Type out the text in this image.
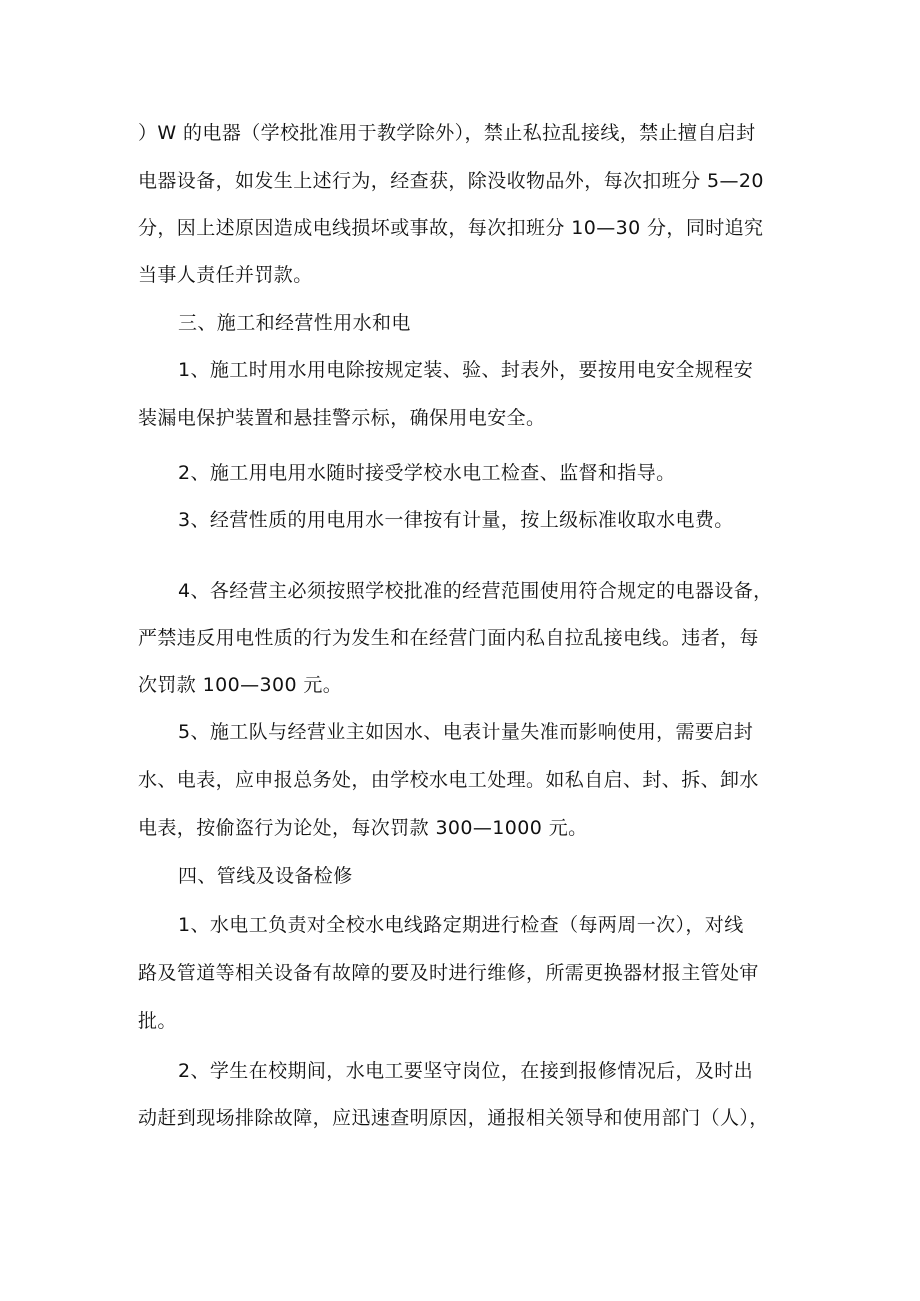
）W 的电器（学校批准用于教学除外），禁止私拉乱接线，禁止擅自启封
电器设备，如发生上述行为，经查获，除没收物品外，每次扣班分 5—20
分，因上述原因造成电线损坏或事故，每次扣班分 10—30 分，同时追究
当事人责任并罚款。
三、施工和经营性用水和电
1、施工时用水用电除按规定装、验、封表外，要按用电安全规程安
装漏电保护装置和悬挂警示标，确保用电安全。
2、施工用电用水随时接受学校水电工检查、监督和指导。
3、经营性质的用电用水一律按有计量，按上级标准收取水电费。
4、各经营主必须按照学校批准的经营范围使用符合规定的电器设备，
严禁违反用电性质的行为发生和在经营门面内私自拉乱接电线。违者，每
次罚款 100—300 元。
5、施工队与经营业主如因水、电表计量失准而影响使用，需要启封
水、电表，应申报总务处，由学校水电工处理。如私自启、封、拆、卸水
电表，按偷盗行为论处，每次罚款 300—1000 元。
四、管线及设备检修
1、水电工负责对全校水电线路定期进行检查（每两周一次），对线
路及管道等相关设备有故障的要及时进行维修，所需更换器材报主管处审
批。
2、学生在校期间，水电工要坚守岗位，在接到报修情况后，及时出
动赶到现场排除故障，应迅速查明原因，通报相关领导和使用部门（人），
